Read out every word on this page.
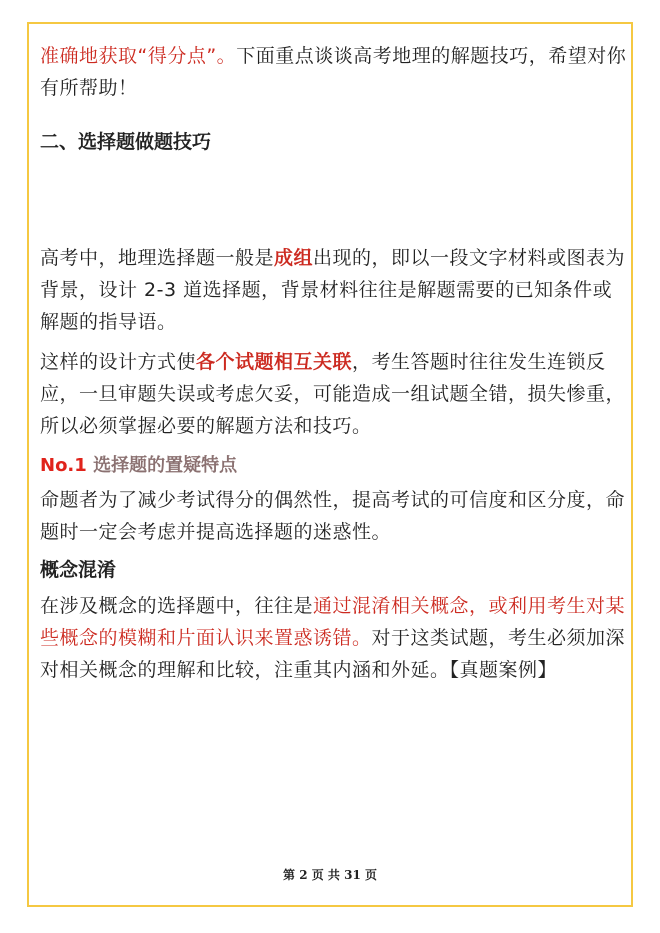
准确地获取“得分点”。下面重点谈谈高考地理的解题技巧，希望对你有所帮助！

二、选择题做题技巧

高考中，地理选择题一般是成组出现的，即以一段文字材料或图表为背景，设计 2-3 道选择题，背景材料往往是解题需要的已知条件或解题的指导语。

这样的设计方式使各个试题相互关联，考生答题时往往发生连锁反应，一旦审题失误或考虑欠妥，可能造成一组试题全错，损失惨重，所以必须掌握必要的解题方法和技巧。

No.1 选择题的置疑特点

命题者为了减少考试得分的偶然性，提高考试的可信度和区分度，命题时一定会考虑并提高选择题的迷惑性。

概念混淆

在涉及概念的选择题中，往往是通过混淆相关概念，或利用考生对某些概念的模糊和片面认识来置惑诱错。对于这类试题，考生必须加深对相关概念的理解和比较，注重其内涵和外延。【真题案例】

第 2 页 共 31 页
